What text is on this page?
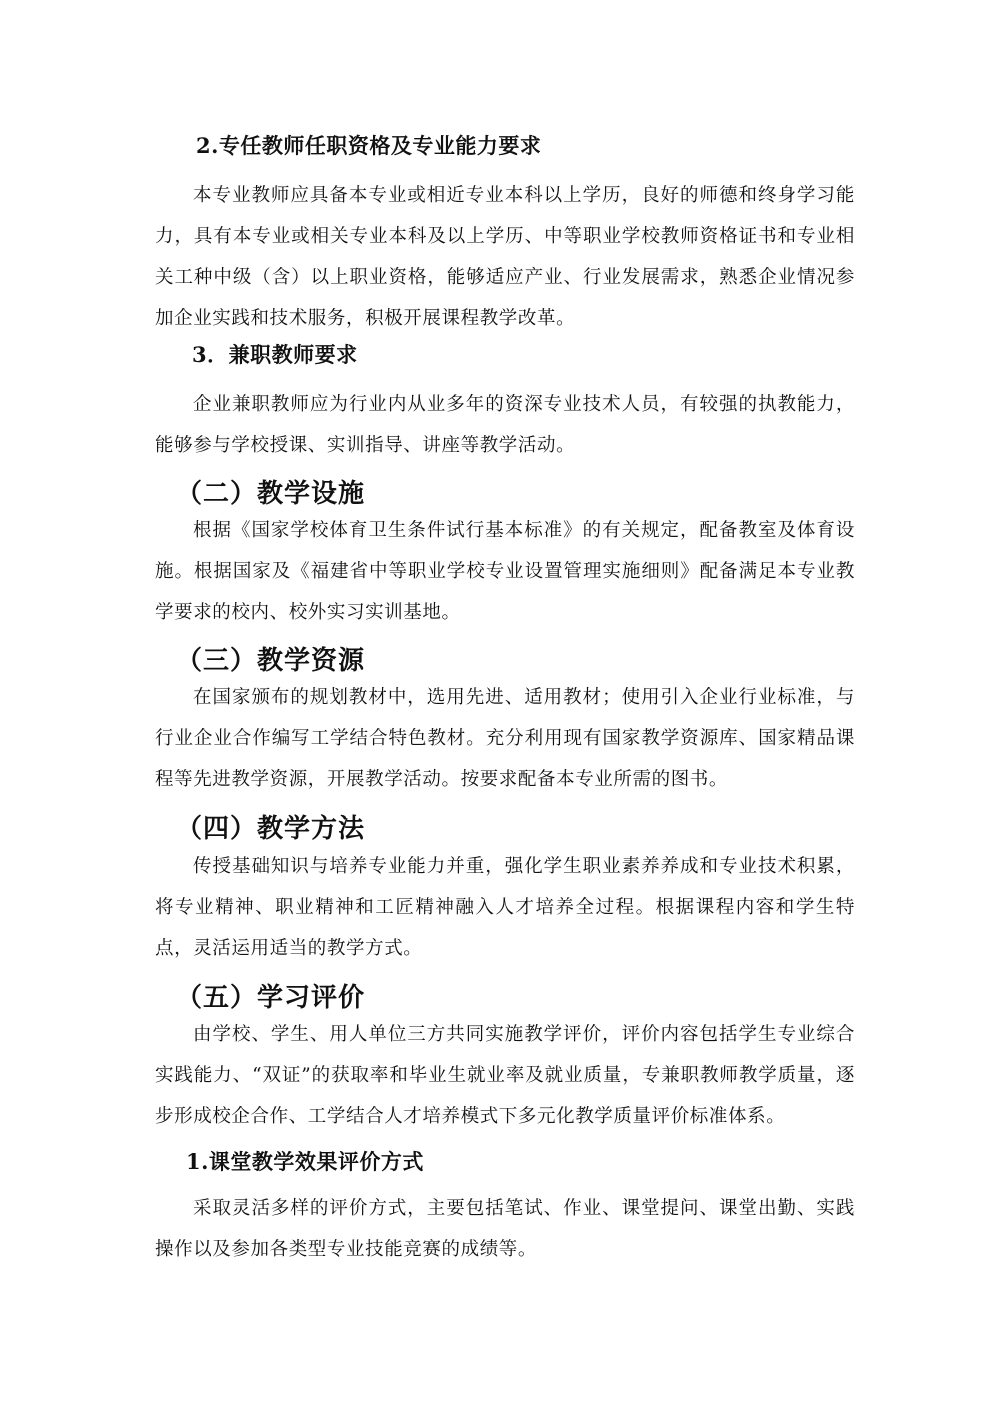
2.专任教师任职资格及专业能力要求
本专业教师应具备本专业或相近专业本科以上学历，良好的师德和终身学习能力，具有本专业或相关专业本科及以上学历、中等职业学校教师资格证书和专业相关工种中级（含）以上职业资格，能够适应产业、行业发展需求，熟悉企业情况参加企业实践和技术服务，积极开展课程教学改革。
3．兼职教师要求
企业兼职教师应为行业内从业多年的资深专业技术人员，有较强的执教能力，能够参与学校授课、实训指导、讲座等教学活动。
（二）教学设施
根据《国家学校体育卫生条件试行基本标准》的有关规定，配备教室及体育设施。根据国家及《福建省中等职业学校专业设置管理实施细则》配备满足本专业教学要求的校内、校外实习实训基地。
（三）教学资源
在国家颁布的规划教材中，选用先进、适用教材；使用引入企业行业标准，与行业企业合作编写工学结合特色教材。充分利用现有国家教学资源库、国家精品课程等先进教学资源，开展教学活动。按要求配备本专业所需的图书。
（四）教学方法
传授基础知识与培养专业能力并重，强化学生职业素养养成和专业技术积累，将专业精神、职业精神和工匠精神融入人才培养全过程。根据课程内容和学生特点，灵活运用适当的教学方式。
（五）学习评价
由学校、学生、用人单位三方共同实施教学评价，评价内容包括学生专业综合实践能力、“双证”的获取率和毕业生就业率及就业质量，专兼职教师教学质量，逐步形成校企合作、工学结合人才培养模式下多元化教学质量评价标准体系。
1.课堂教学效果评价方式
采取灵活多样的评价方式，主要包括笔试、作业、课堂提问、课堂出勤、实践操作以及参加各类型专业技能竞赛的成绩等。
